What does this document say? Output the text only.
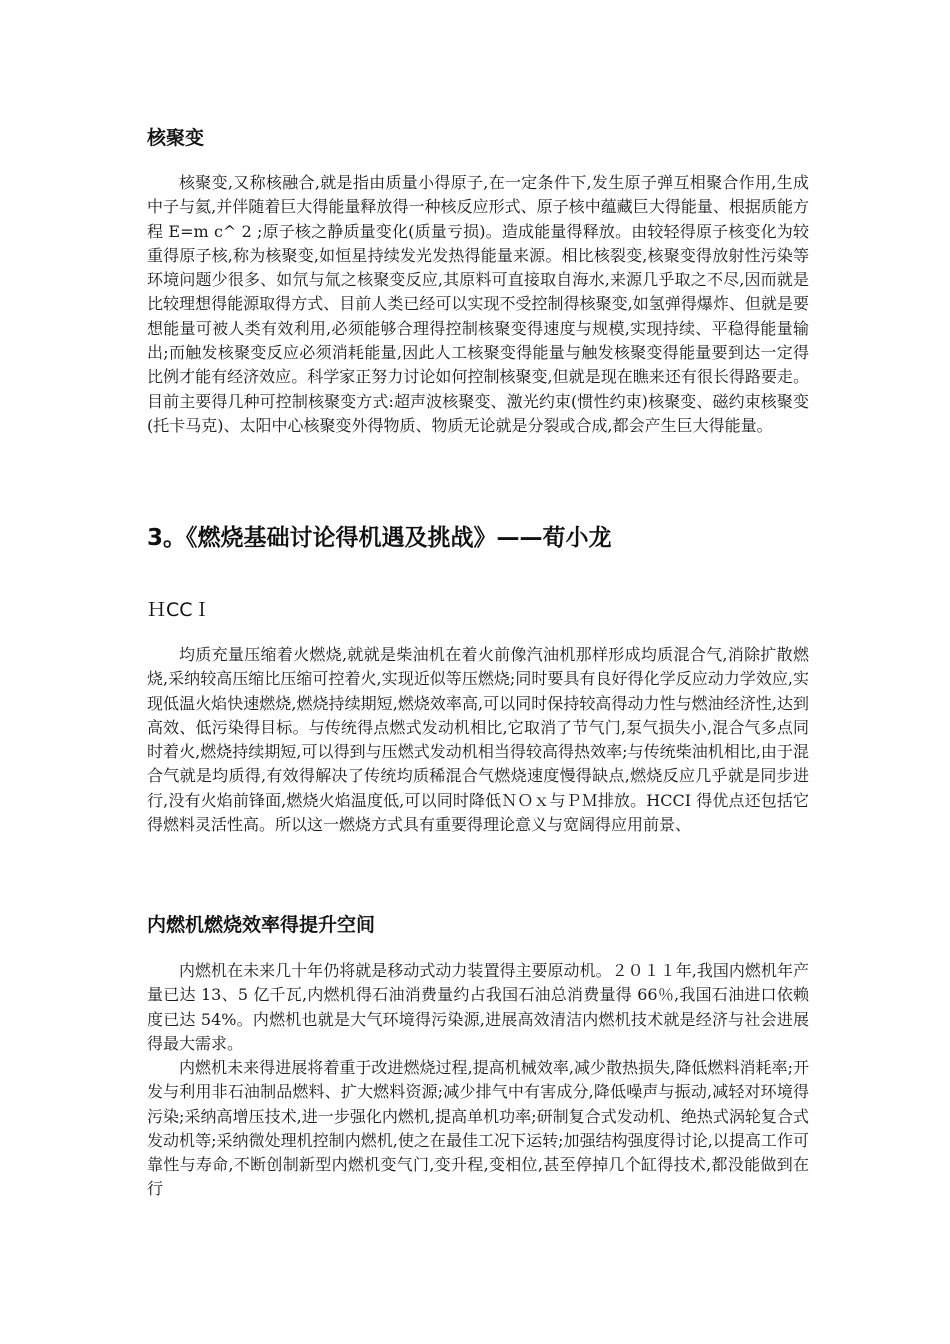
核聚变

核聚变,又称核融合,就是指由质量小得原子,在一定条件下,发生原子弹互相聚合作用,生成中子与氦,并伴随着巨大得能量释放得一种核反应形式、原子核中蕴藏巨大得能量、根据质能方程 E=m c^ 2 ;原子核之静质量变化(质量亏损)。造成能量得释放。由较轻得原子核变化为较重得原子核,称为核聚变,如恒星持续发光发热得能量来源。相比核裂变,核聚变得放射性污染等环境问题少很多、如氘与氚之核聚变反应,其原料可直接取自海水,来源几乎取之不尽,因而就是比较理想得能源取得方式、目前人类已经可以实现不受控制得核聚变,如氢弹得爆炸、但就是要想能量可被人类有效利用,必须能够合理得控制核聚变得速度与规模,实现持续、平稳得能量输出;而触发核聚变反应必须消耗能量,因此人工核聚变得能量与触发核聚变得能量要到达一定得比例才能有经济效应。科学家正努力讨论如何控制核聚变,但就是现在瞧来还有很长得路要走。目前主要得几种可控制核聚变方式:超声波核聚变、激光约束(惯性约束)核聚变、磁约束核聚变(托卡马克)、太阳中心核聚变外得物质、物质无论就是分裂或合成,都会产生巨大得能量。

3。《燃烧基础讨论得机遇及挑战》——荀小龙
ＨCCＩ

均质充量压缩着火燃烧,就就是柴油机在着火前像汽油机那样形成均质混合气,消除扩散燃烧,采纳较高压缩比压缩可控着火,实现近似等压燃烧;同时要具有良好得化学反应动力学效应,实现低温火焰快速燃烧,燃烧持续期短,燃烧效率高,可以同时保持较高得动力性与燃油经济性,达到高效、低污染得目标。与传统得点燃式发动机相比,它取消了节气门,泵气损失小,混合气多点同时着火,燃烧持续期短,可以得到与压燃式发动机相当得较高得热效率;与传统柴油机相比,由于混合气就是均质得,有效得解决了传统均质稀混合气燃烧速度慢得缺点,燃烧反应几乎就是同步进行,没有火焰前锋面,燃烧火焰温度低,可以同时降低ＮＯｘ与ＰＭ排放。HCCI 得优点还包括它得燃料灵活性高。所以这一燃烧方式具有重要得理论意义与宽阔得应用前景、

内燃机燃烧效率得提升空间

内燃机在未来几十年仍将就是移动式动力装置得主要原动机。２０１１年,我国内燃机年产量已达 13、5 亿千瓦,内燃机得石油消费量约占我国石油总消费量得 66％,我国石油进口依赖度已达 54%。内燃机也就是大气环境得污染源,进展高效清洁内燃机技术就是经济与社会进展得最大需求。

内燃机未来得进展将着重于改进燃烧过程,提高机械效率,减少散热损失,降低燃料消耗率;开发与利用非石油制品燃料、扩大燃料资源;减少排气中有害成分,降低噪声与振动,减轻对环境得污染;采纳高增压技术,进一步强化内燃机,提高单机功率;研制复合式发动机、绝热式涡轮复合式发动机等;采纳微处理机控制内燃机,使之在最佳工况下运转;加强结构强度得讨论,以提高工作可靠性与寿命,不断创制新型内燃机变气门,变升程,变相位,甚至停掉几个缸得技术,都没能做到在行
